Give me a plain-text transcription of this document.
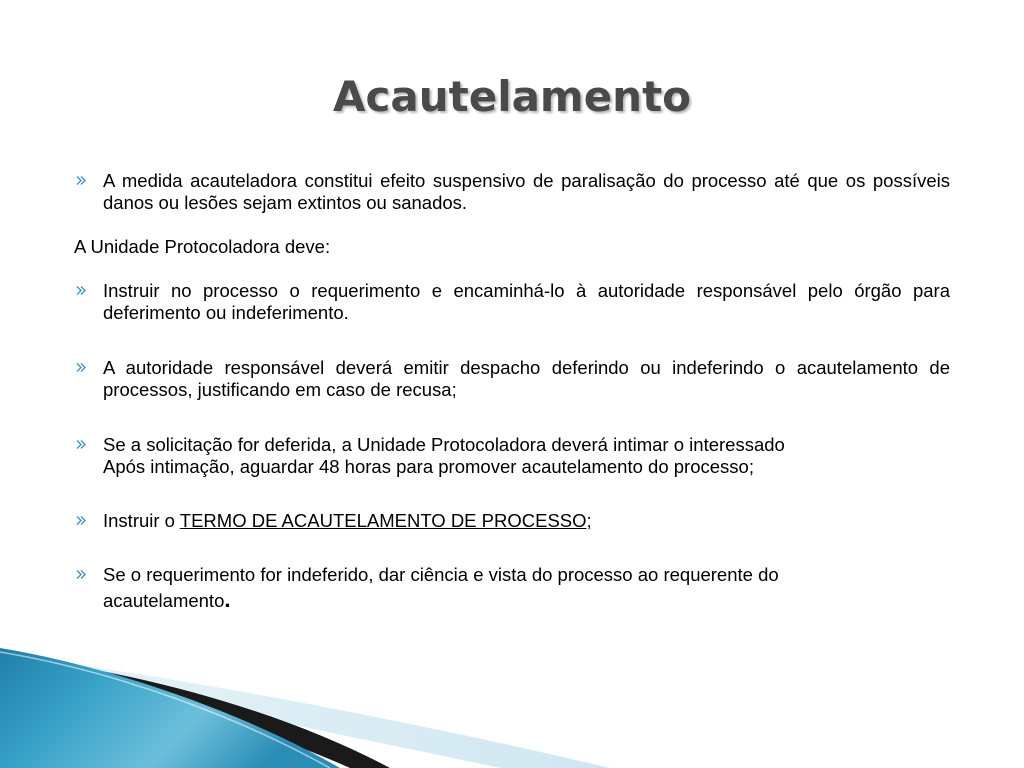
Acautelamento

A medida acauteladora constitui efeito suspensivo de paralisação do processo até que os possíveis danos ou lesões sejam extintos ou sanados.

A Unidade Protocoladora deve:

Instruir no processo o requerimento e encaminhá-lo à autoridade responsável pelo órgão para deferimento ou indeferimento.

A autoridade responsável deverá emitir despacho deferindo ou indeferindo o acautelamento de processos, justificando em caso de recusa;

Se a solicitação for deferida, a Unidade Protocoladora deverá intimar o interessado
Após intimação, aguardar 48 horas para promover acautelamento do processo;

Instruir o TERMO DE ACAUTELAMENTO DE PROCESSO;

Se o requerimento for indeferido, dar ciência e vista do processo ao requerente do
acautelamento.
